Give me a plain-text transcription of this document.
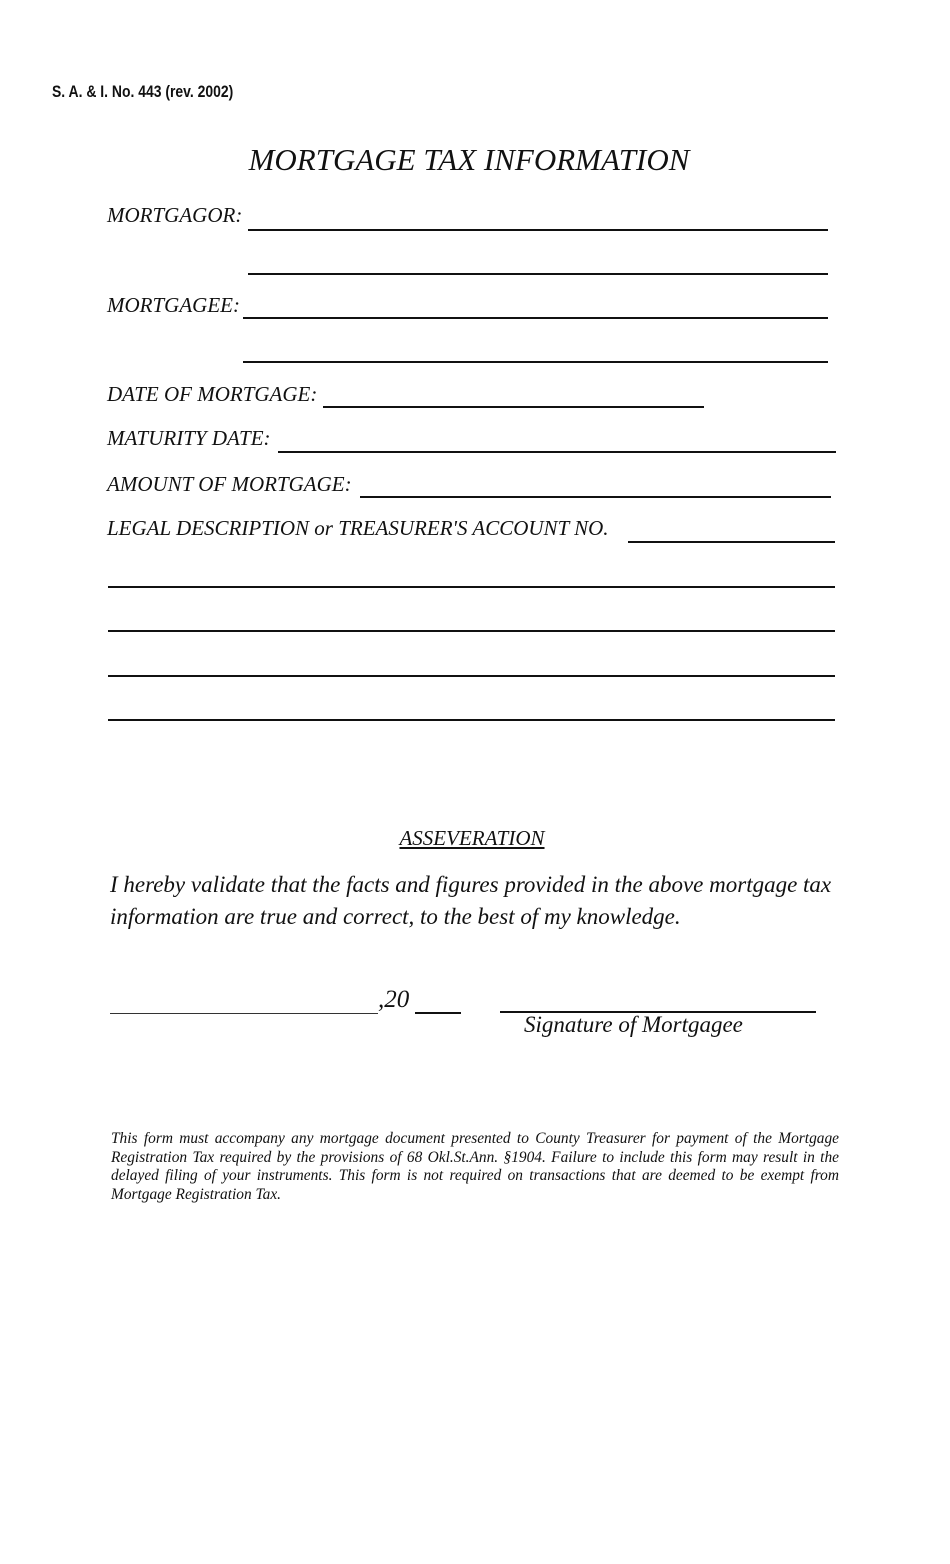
S. A. & I. No. 443 (rev. 2002)
MORTGAGE TAX INFORMATION
MORTGAGOR:
MORTGAGEE:
DATE OF MORTGAGE:
MATURITY DATE:
AMOUNT OF MORTGAGE:
LEGAL DESCRIPTION or TREASURER'S ACCOUNT NO.
ASSEVERATION
I hereby validate that the facts and figures provided in the above mortgage tax information are true and correct, to the best of my knowledge.
,20
Signature of Mortgagee
This form must accompany any mortgage document presented to County Treasurer for payment of the Mortgage Registration Tax required by the provisions of 68 Okl.St.Ann. §1904. Failure to include this form may result in the delayed filing of your instruments. This form is not required on transactions that are deemed to be exempt from Mortgage Registration Tax.
